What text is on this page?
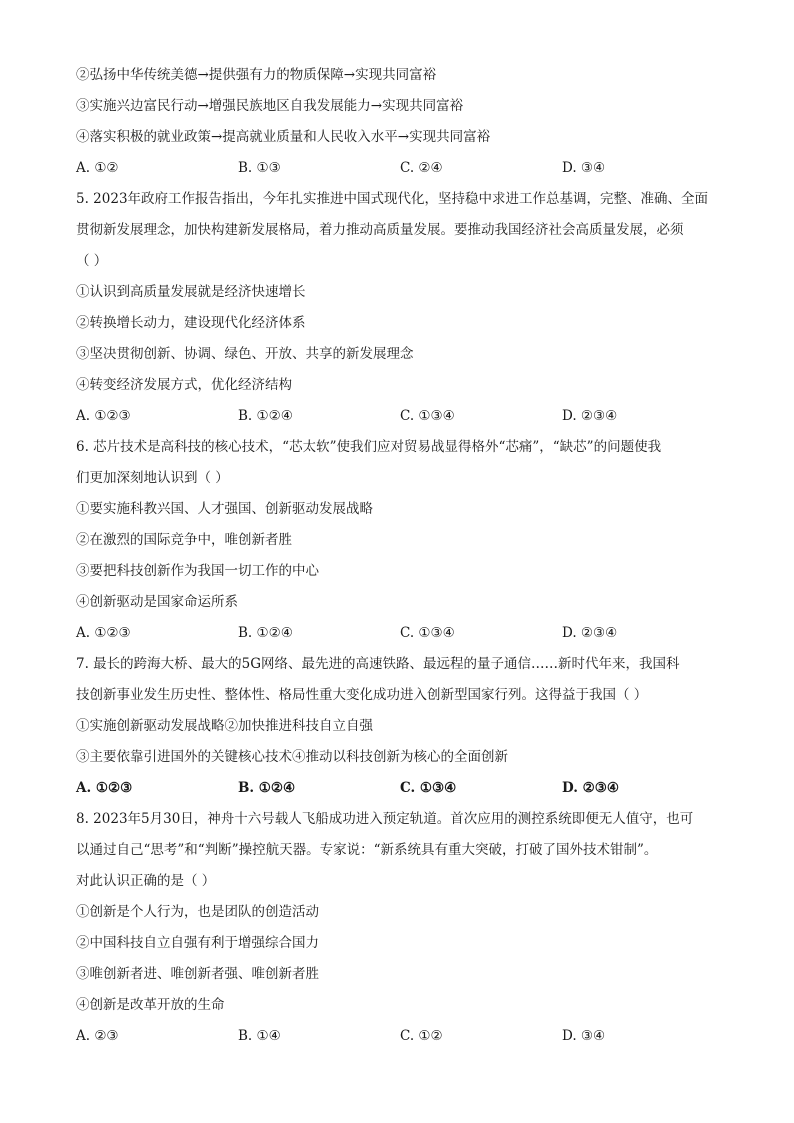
②弘扬中华传统美德→提供强有力的物质保障→实现共同富裕
③实施兴边富民行动→增强民族地区自我发展能力→实现共同富裕
④落实积极的就业政策→提高就业质量和人民收入水平→实现共同富裕
A. ①②	B. ①③	C. ②④	D. ③④
5. 2023年政府工作报告指出，今年扎实推进中国式现代化，坚持稳中求进工作总基调，完整、准确、全面
贯彻新发展理念，加快构建新发展格局，着力推动高质量发展。要推动我国经济社会高质量发展，必须
（ ）
①认识到高质量发展就是经济快速增长
②转换增长动力，建设现代化经济体系
③坚决贯彻创新、协调、绿色、开放、共享的新发展理念
④转变经济发展方式，优化经济结构
A. ①②③	B. ①②④	C. ①③④	D. ②③④
6. 芯片技术是高科技的核心技术，“芯太软”使我们应对贸易战显得格外“芯痛”，“缺芯”的问题使我
们更加深刻地认识到（ ）
①要实施科教兴国、人才强国、创新驱动发展战略
②在激烈的国际竞争中，唯创新者胜
③要把科技创新作为我国一切工作的中心
④创新驱动是国家命运所系
A. ①②③	B. ①②④	C. ①③④	D. ②③④
7. 最长的跨海大桥、最大的5G网络、最先进的高速铁路、最远程的量子通信……新时代年来，我国科
技创新事业发生历史性、整体性、格局性重大变化成功进入创新型国家行列。这得益于我国（ ）
①实施创新驱动发展战略②加快推进科技自立自强
③主要依靠引进国外的关键核心技术④推动以科技创新为核心的全面创新
A. ①②③	B. ①②④	C. ①③④	D. ②③④
8. 2023年5月30日，神舟十六号载人飞船成功进入预定轨道。首次应用的测控系统即便无人值守，也可
以通过自己“思考”和“判断”操控航天器。专家说：“新系统具有重大突破，打破了国外技术钳制”。
对此认识正确的是（ ）
①创新是个人行为，也是团队的创造活动
②中国科技自立自强有利于增强综合国力
③唯创新者进、唯创新者强、唯创新者胜
④创新是改革开放的生命
A. ②③	B. ①④	C. ①②	D. ③④
